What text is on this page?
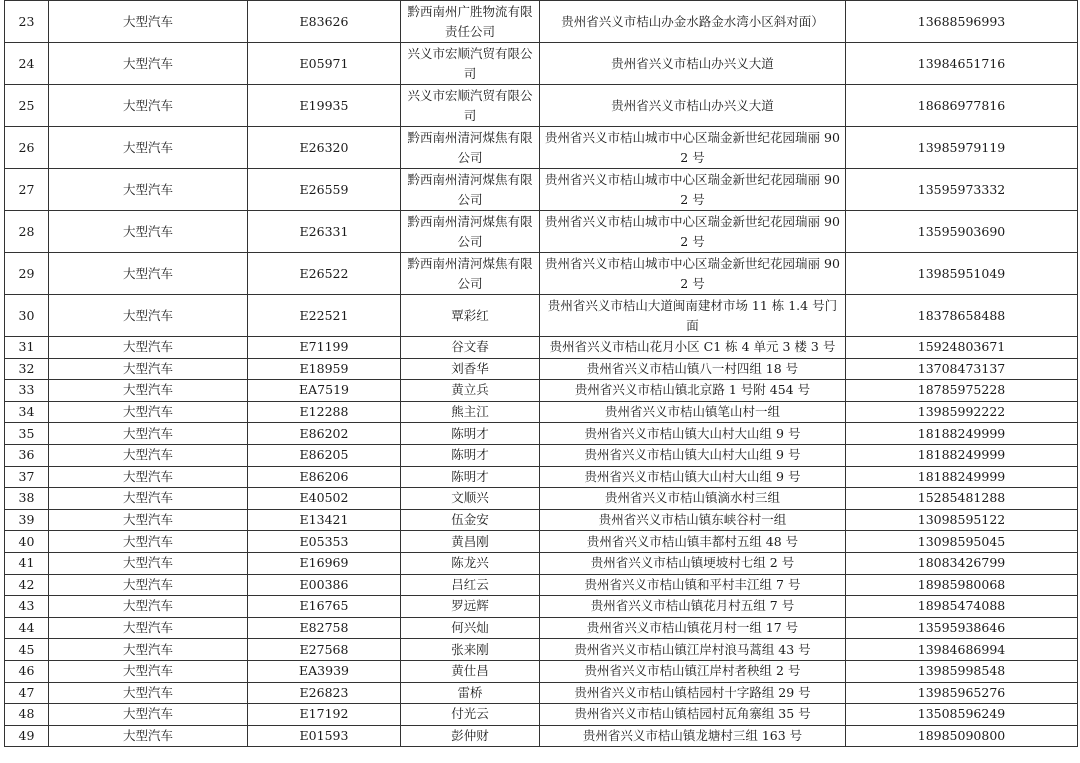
23	大型汽车	E83626	黔西南州广胜物流有限责任公司	贵州省兴义市桔山办金水路金水湾小区斜对面）	13688596993
24	大型汽车	E05971	兴义市宏顺汽贸有限公司	贵州省兴义市桔山办兴义大道	13984651716
25	大型汽车	E19935	兴义市宏顺汽贸有限公司	贵州省兴义市桔山办兴义大道	18686977816
26	大型汽车	E26320	黔西南州清河煤焦有限公司	贵州省兴义市桔山城市中心区瑞金新世纪花园瑞丽 902 号	13985979119
27	大型汽车	E26559	黔西南州清河煤焦有限公司	贵州省兴义市桔山城市中心区瑞金新世纪花园瑞丽 902 号	13595973332
28	大型汽车	E26331	黔西南州清河煤焦有限公司	贵州省兴义市桔山城市中心区瑞金新世纪花园瑞丽 902 号	13595903690
29	大型汽车	E26522	黔西南州清河煤焦有限公司	贵州省兴义市桔山城市中心区瑞金新世纪花园瑞丽 902 号	13985951049
30	大型汽车	E22521	覃彩红	贵州省兴义市桔山大道闽南建材市场 11 栋 1.4 号门面	18378658488
31	大型汽车	E71199	谷文春	贵州省兴义市桔山花月小区 C1 栋 4 单元 3 楼 3 号	15924803671
32	大型汽车	E18959	刘香华	贵州省兴义市桔山镇八一村四组 18 号	13708473137
33	大型汽车	EA7519	黄立兵	贵州省兴义市桔山镇北京路 1 号附 454 号	18785975228
34	大型汽车	E12288	熊主江	贵州省兴义市桔山镇笔山村一组	13985992222
35	大型汽车	E86202	陈明才	贵州省兴义市桔山镇大山村大山组 9 号	18188249999
36	大型汽车	E86205	陈明才	贵州省兴义市桔山镇大山村大山组 9 号	18188249999
37	大型汽车	E86206	陈明才	贵州省兴义市桔山镇大山村大山组 9 号	18188249999
38	大型汽车	E40502	文顺兴	贵州省兴义市桔山镇滴水村三组	15285481288
39	大型汽车	E13421	伍金安	贵州省兴义市桔山镇东峡谷村一组	13098595122
40	大型汽车	E05353	黄昌刚	贵州省兴义市桔山镇丰都村五组 48 号	13098595045
41	大型汽车	E16969	陈龙兴	贵州省兴义市桔山镇埂坡村七组 2 号	18083426799
42	大型汽车	E00386	吕红云	贵州省兴义市桔山镇和平村丰江组 7 号	18985980068
43	大型汽车	E16765	罗远辉	贵州省兴义市桔山镇花月村五组 7 号	18985474088
44	大型汽车	E82758	何兴灿	贵州省兴义市桔山镇花月村一组 17 号	13595938646
45	大型汽车	E27568	张来刚	贵州省兴义市桔山镇江岸村浪马蒿组 43 号	13984686994
46	大型汽车	EA3939	黄仕昌	贵州省兴义市桔山镇江岸村者秧组 2 号	13985998548
47	大型汽车	E26823	雷桥	贵州省兴义市桔山镇桔园村十字路组 29 号	13985965276
48	大型汽车	E17192	付光云	贵州省兴义市桔山镇桔园村瓦角寨组 35 号	13508596249
49	大型汽车	E01593	彭仲财	贵州省兴义市桔山镇龙塘村三组 163 号	18985090800
